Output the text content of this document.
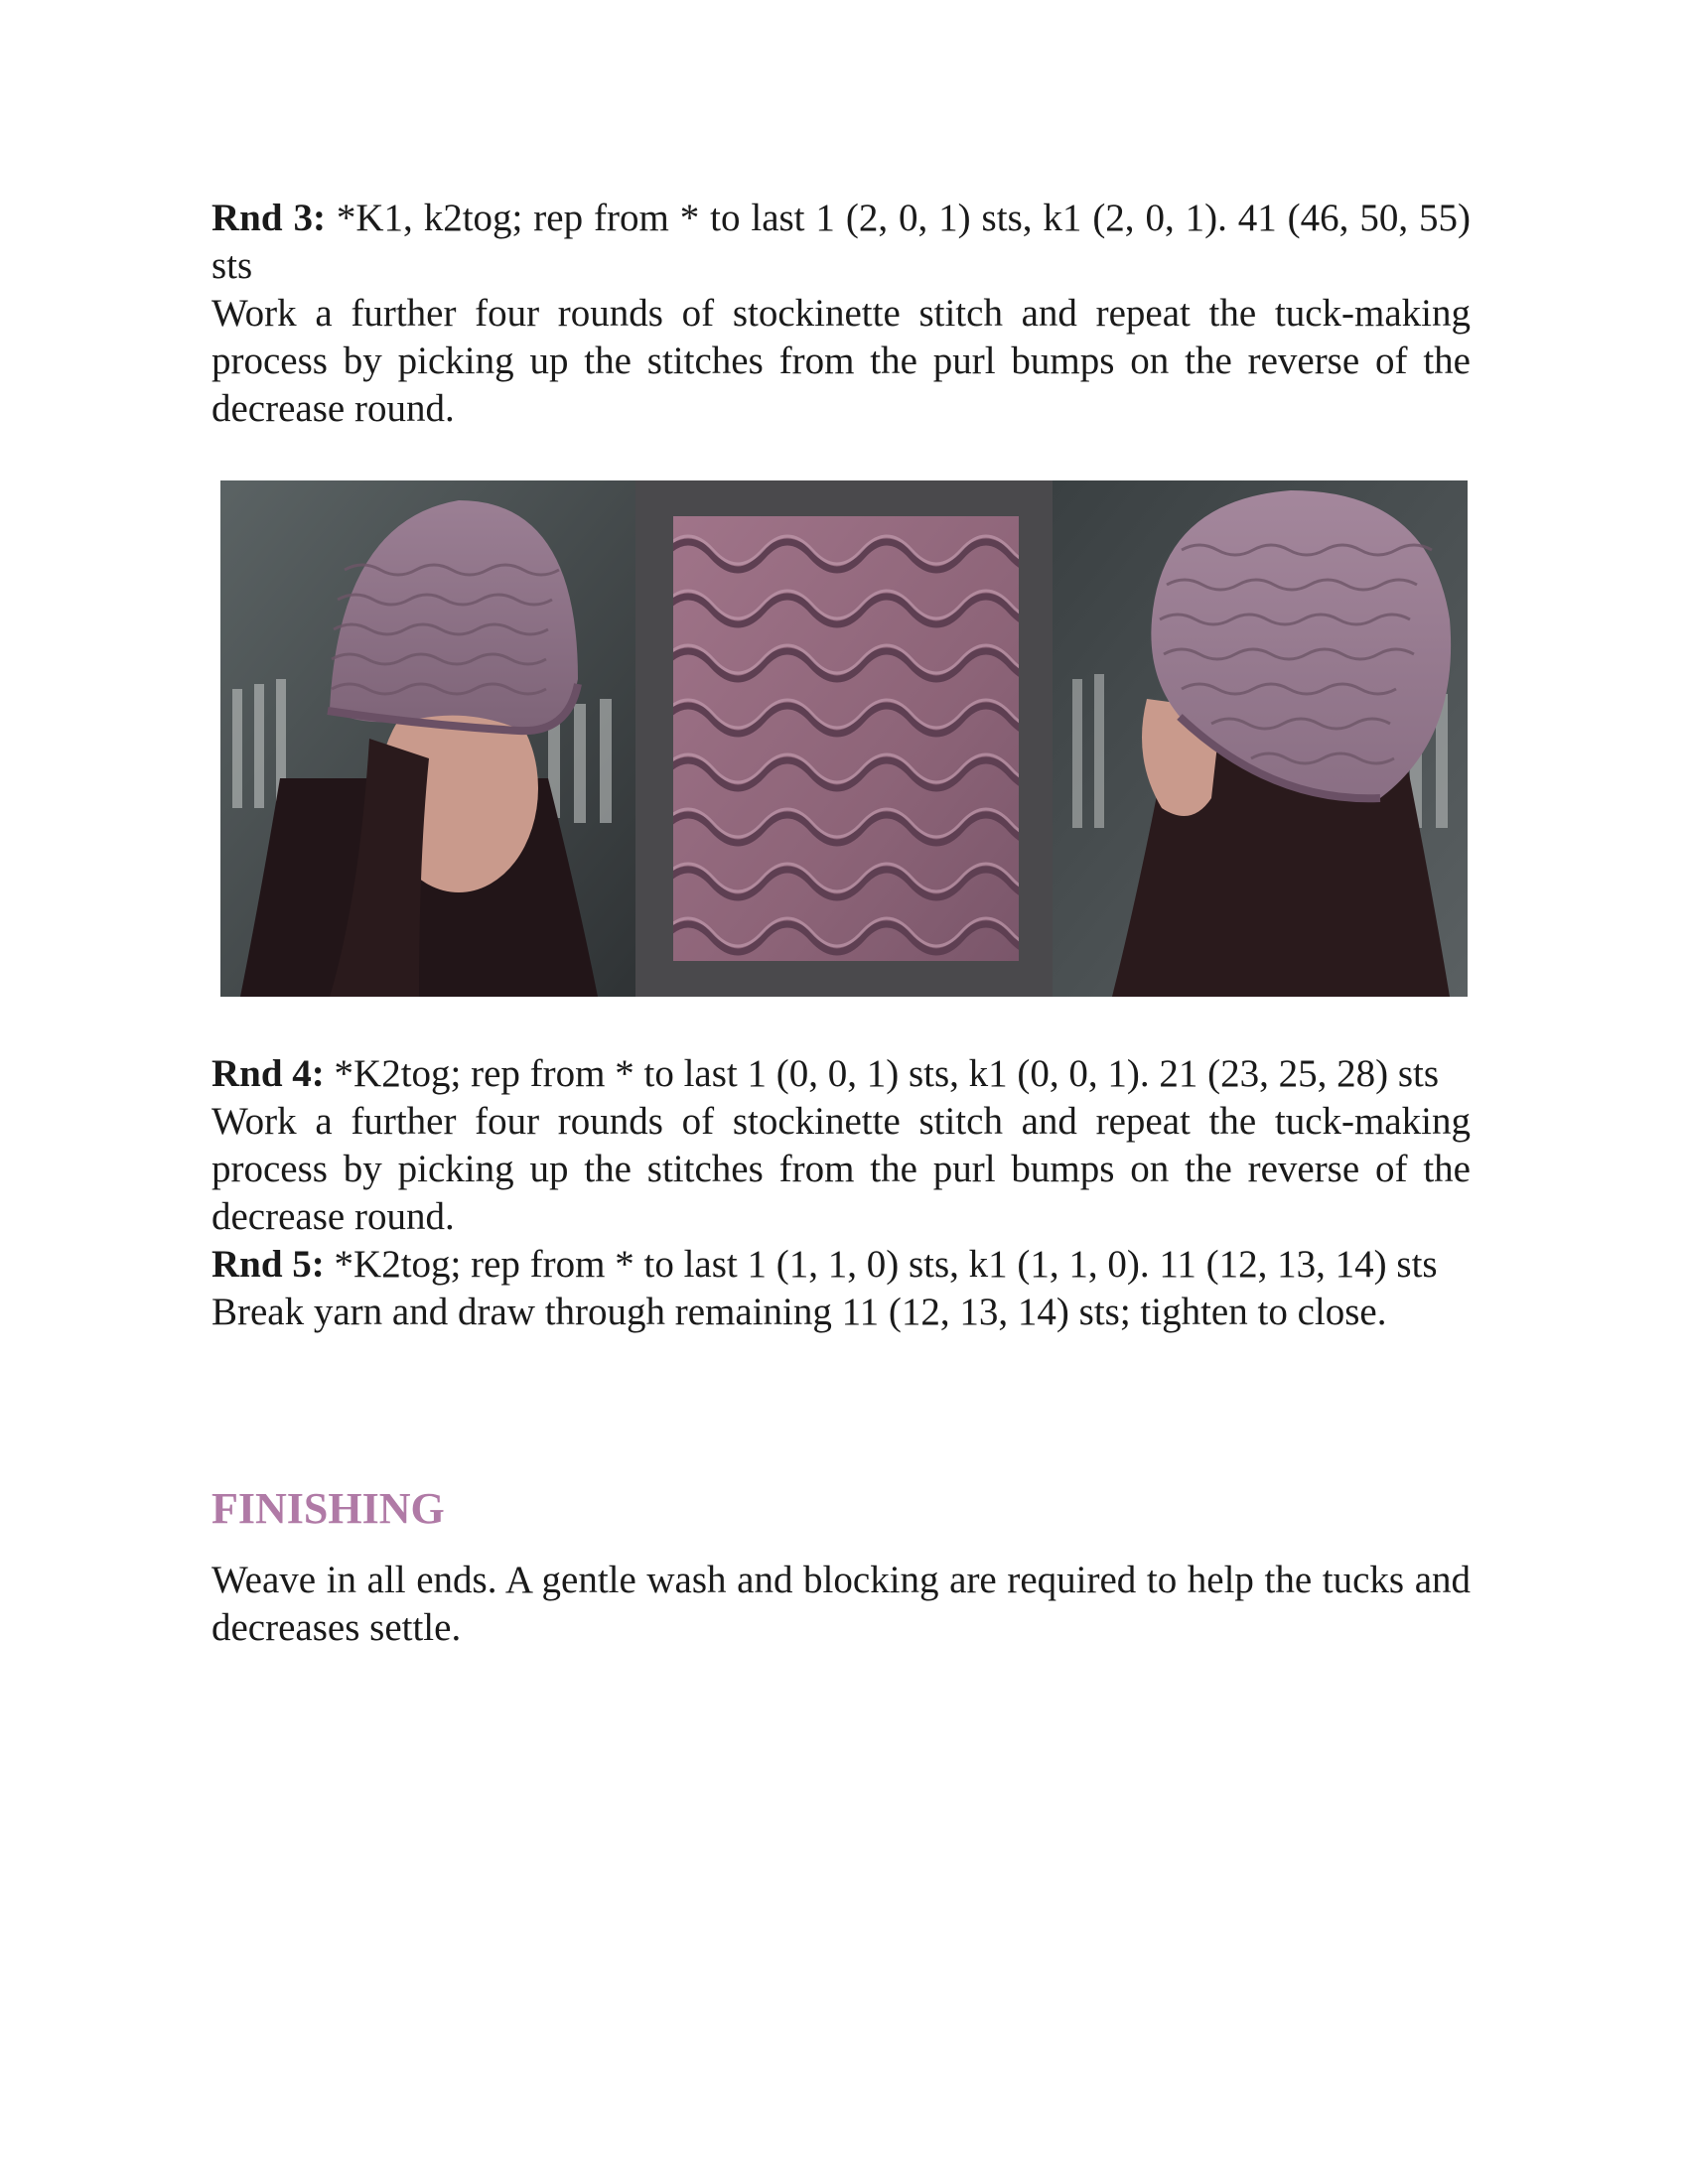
Rnd 3: *K1, k2tog; rep from * to last 1 (2, 0, 1) sts, k1 (2, 0, 1). 41 (46, 50, 55) sts

Work a further four rounds of stockinette stitch and repeat the tuck-making process by picking up the stitches from the purl bumps on the reverse of the decrease round.

Rnd 4: *K2tog; rep from * to last 1 (0, 0, 1) sts, k1 (0, 0, 1). 21 (23, 25, 28) sts

Work a further four rounds of stockinette stitch and repeat the tuck-making process by picking up the stitches from the purl bumps on the reverse of the decrease round.

Rnd 5: *K2tog; rep from * to last 1 (1, 1, 0) sts, k1 (1, 1, 0). 11 (12, 13, 14) sts

Break yarn and draw through remaining 11 (12, 13, 14) sts; tighten to close.

FINISHING

Weave in all ends. A gentle wash and blocking are required to help the tucks and decreases settle.
